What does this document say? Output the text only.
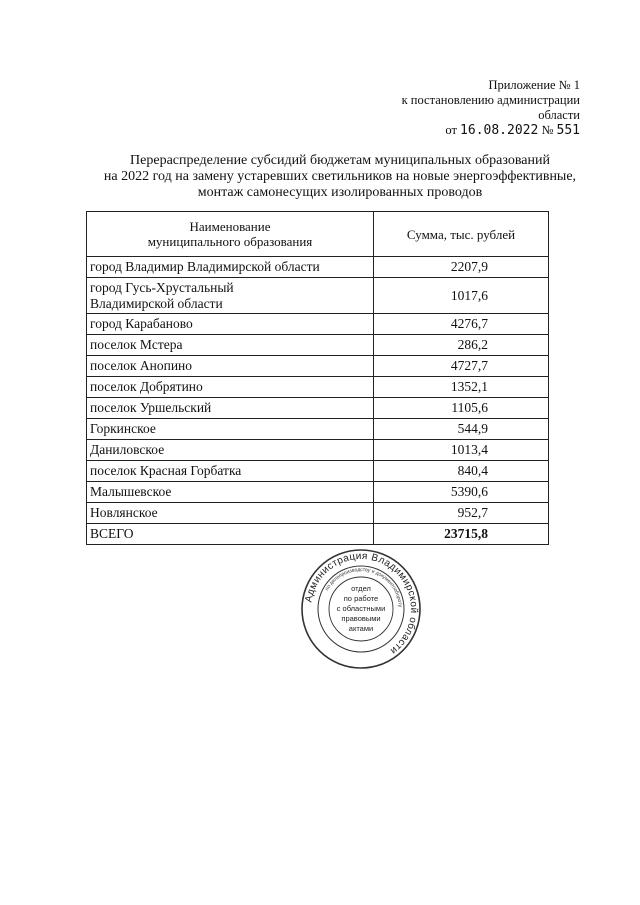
Приложение № 1
к постановлению администрации
области
от 16.08.2022 № 551
Перераспределение субсидий бюджетам муниципальных образований
на 2022 год на замену устаревших светильников на новые энергоэффективные,
монтаж самонесущих изолированных проводов
Наименование
муниципального образования	Сумма, тыс. рублей
город Владимир Владимирской области	2207,9
город Гусь-Хрустальный
Владимирской области	1017,6
город Карабаново	4276,7
поселок Мстера	286,2
поселок Анопино	4727,7
поселок Добрятино	1352,1
поселок Уршельский	1105,6
Горкинское	544,9
Даниловское	1013,4
поселок Красная Горбатка	840,4
Малышевское	5390,6
Новлянское	952,7
ВСЕГО	23715,8
Администрация Владимирской области
по делопроизводству и документообороту
отдел
по работе
с областными
правовыми
актами
